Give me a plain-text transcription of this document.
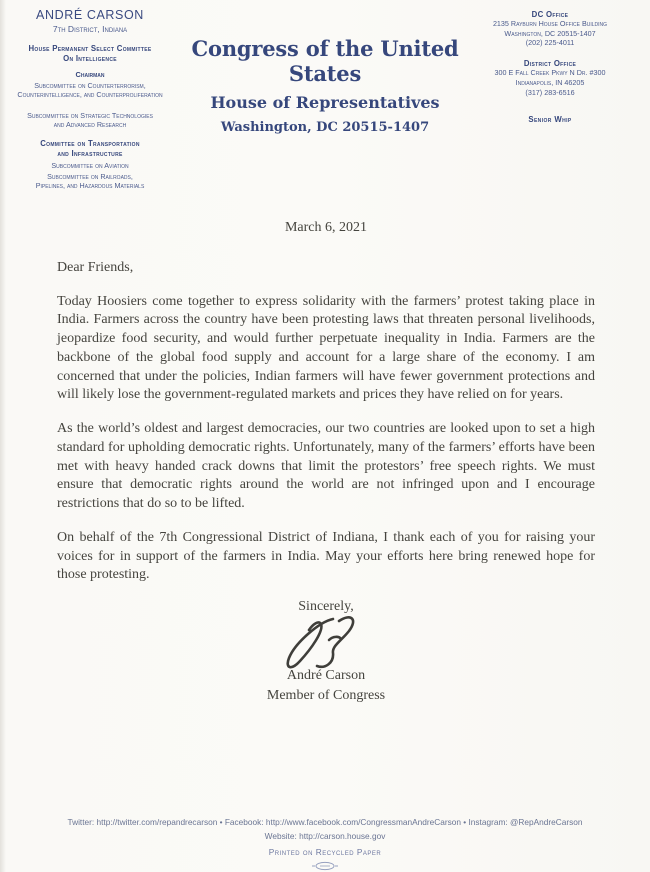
ANDRÉ CARSON
7th District, Indiana
House Permanent Select Committee
On Intelligence
Chairman
Subcommittee on Counterterrorism,
Counterintelligence, and Counterproliferation
Subcommittee on Strategic Technologies
and Advanced Research
Committee on Transportation
and Infrastructure
Subcommittee on Aviation
Subcommittee on Railroads,
Pipelines, and Hazardous Materials
Congress of the United States
House of Representatives
Washington, DC 20515-1407
DC Office
2135 Rayburn House Office Building
Washington, DC 20515-1407
(202) 225-4011
District Office
300 E Fall Creek Pkwy N Dr. #300
Indianapolis, IN 46205
(317) 283-6516
Senior Whip
March 6, 2021
Dear Friends,

Today Hoosiers come together to express solidarity with the farmers’ protest taking place in India. Farmers across the country have been protesting laws that threaten personal livelihoods, jeopardize food security, and would further perpetuate inequality in India. Farmers are the backbone of the global food supply and account for a large share of the economy. I am concerned that under the policies, Indian farmers will have fewer government protections and will likely lose the government-regulated markets and prices they have relied on for years.

As the world’s oldest and largest democracies, our two countries are looked upon to set a high standard for upholding democratic rights. Unfortunately, many of the farmers’ efforts have been met with heavy handed crack downs that limit the protestors’ free speech rights. We must ensure that democratic rights around the world are not infringed upon and I encourage restrictions that do so to be lifted.

On behalf of the 7th Congressional District of Indiana, I thank each of you for raising your voices for in support of the farmers in India. May your efforts here bring renewed hope for those protesting.

Sincerely,
André Carson
Member of Congress
Twitter: http://twitter.com/repandrecarson • Facebook: http://www.facebook.com/CongressmanAndreCarson • Instagram: @RepAndreCarson
Website: http://carson.house.gov
Printed on Recycled Paper
